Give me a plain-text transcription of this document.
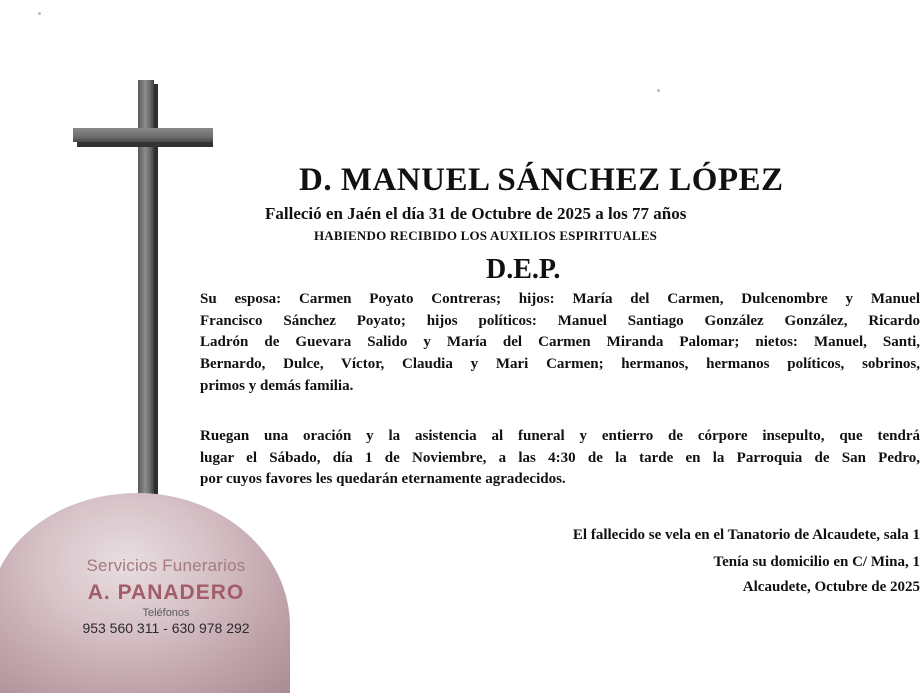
Servicios Funerarios
A. PANADERO
Teléfonos
953 560 311 - 630 978 292
D. MANUEL SÁNCHEZ LÓPEZ
Falleció en Jaén el día 31 de Octubre de 2025 a los 77 años
HABIENDO RECIBIDO LOS AUXILIOS ESPIRITUALES
D.E.P.
Su esposa: Carmen Poyato Contreras; hijos: María del Carmen, Dulcenombre y Manuel
Francisco Sánchez Poyato; hijos políticos: Manuel Santiago González González, Ricardo
Ladrón de Guevara Salido y María del Carmen Miranda Palomar; nietos: Manuel, Santi,
Bernardo, Dulce, Víctor, Claudia y Mari Carmen; hermanos, hermanos políticos, sobrinos,
primos y demás familia.
Ruegan una oración y la asistencia al funeral y entierro de córpore insepulto, que tendrá
lugar el Sábado, día 1 de Noviembre, a las 4:30 de la tarde en la Parroquia de San Pedro,
por cuyos favores les quedarán eternamente agradecidos.
El fallecido se vela en el Tanatorio de Alcaudete, sala 1
Tenía su domicilio en C/ Mina, 1
Alcaudete, Octubre de 2025
